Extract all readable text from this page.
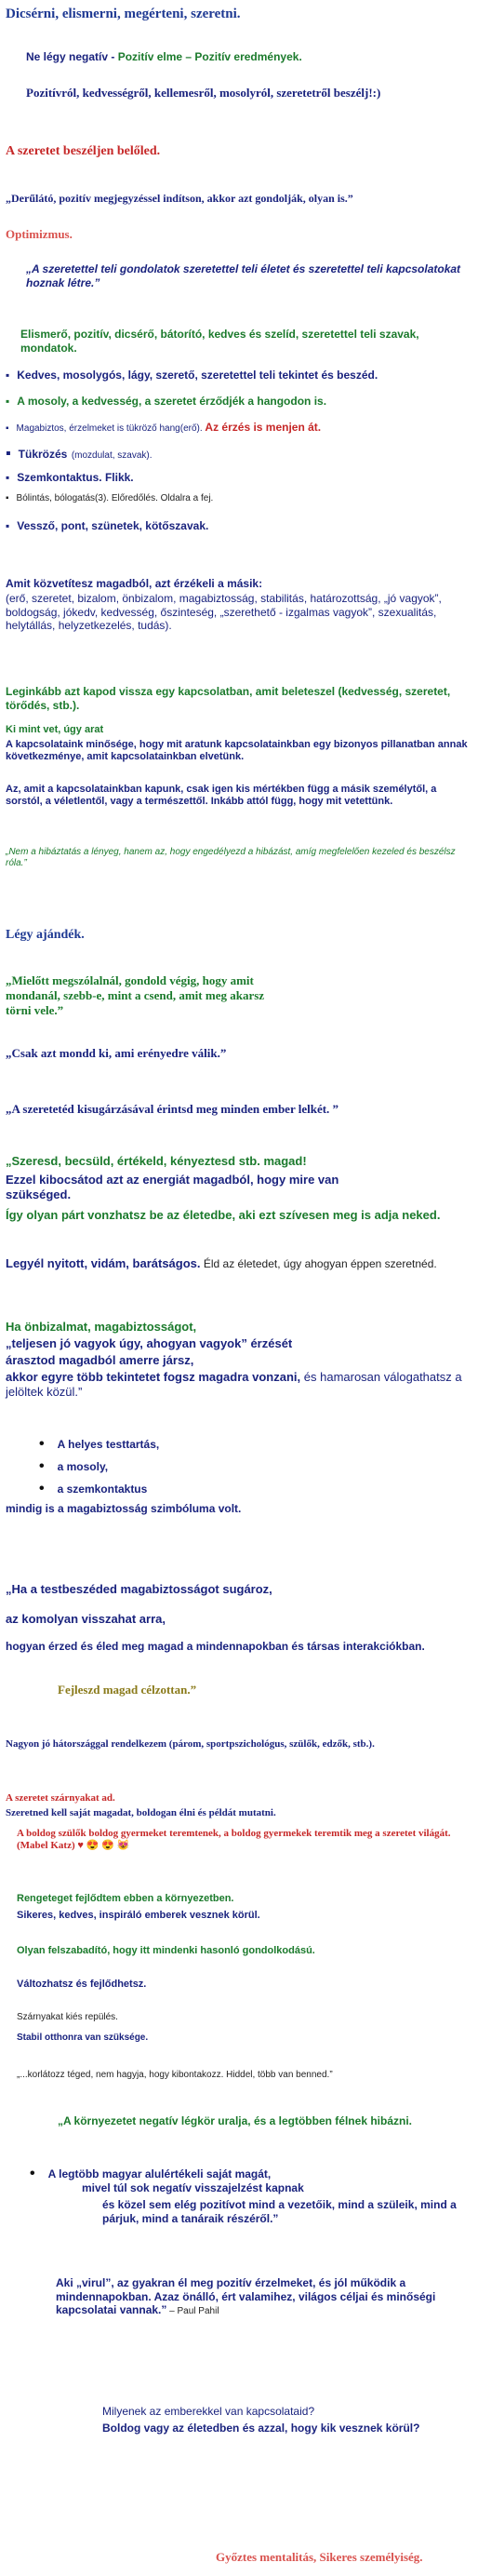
Dicsérni, elismerni, megérteni, szeretni.

Ne légy negatív - Pozitív elme – Pozitív eredmények.

Pozitívról, kedvességről, kellemesről, mosolyról, szeretetről beszélj!:)

A szeretet beszéljen belőled.

„Derűlátó, pozitív megjegyzéssel indítson, akkor azt gondolják, olyan is.”

Optimizmus.

„A szeretettel teli gondolatok szeretettel teli életet és szeretettel teli kapcsolatokat hoznak létre.”

Elismerő, pozitív, dicsérő, bátorító, kedves és szelíd, szeretettel teli szavak, mondatok.

▪ Kedves, mosolygós, lágy, szerető, szeretettel teli tekintet és beszéd.
▪ A mosoly, a kedvesség, a szeretet érződjék a hangodon is.
▪ Magabiztos, érzelmeket is tükröző hang(erő). Az érzés is menjen át.
▪ Tükrözés (mozdulat, szavak).
▪ Szemkontaktus. Flikk.
▪ Bólintás, bólogatás(3). Előredőlés. Oldalra a fej.
▪ Vessző, pont, szünetek, kötőszavak.

Amit közvetítesz magadból, azt érzékeli a másik:

(erő, szeretet, bizalom, önbizalom, magabiztosság, stabilitás, határozottság, „jó vagyok”, boldogság, jókedv, kedvesség, őszinteség, „szerethető - izgalmas vagyok”, szexualitás, helytállás, helyzetkezelés, tudás).

Leginkább azt kapod vissza egy kapcsolatban, amit beleteszel (kedvesség, szeretet, törődés, stb.).

Ki mint vet, úgy arat

A kapcsolataink minősége, hogy mit aratunk kapcsolatainkban egy bizonyos pillanatban annak következménye, amit kapcsolatainkban elvetünk.

Az, amit a kapcsolatainkban kapunk, csak igen kis mértékben függ a másik személytől, a sorstól, a véletlentől, vagy a természettől. Inkább attól függ, hogy mit vetettünk.

„Nem a hibáztatás a lényeg, hanem az, hogy engedélyezd a hibázást, amíg megfelelően kezeled és beszélsz róla.”

Légy ajándék.

„Mielőtt megszólalnál, gondold végig, hogy amit mondanál, szebb-e, mint a csend, amit meg akarsz törni vele.”

„Csak azt mondd ki, ami erényedre válik.”

„A szeretetéd kisugárzásával érintsd meg minden ember lelkét. ”

„Szeresd, becsüld, értékeld, kényeztesd stb. magad!

Ezzel kibocsátod azt az energiát magadból, hogy mire van szükséged.

Így olyan párt vonzhatsz be az életedbe, aki ezt szívesen meg is adja neked.

Legyél nyitott, vidám, barátságos. Éld az életedet, úgy ahogyan éppen szeretnéd.

Ha önbizalmat, magabiztosságot,

„teljesen jó vagyok úgy, ahogyan vagyok” érzését

árasztod magadból amerre jársz,

akkor egyre több tekintetet fogsz magadra vonzani, és hamarosan válogathatsz a jelöltek közül.”

• A helyes testtartás,
• a mosoly,
• a szemkontaktus

mindig is a magabiztosság szimbóluma volt.

„Ha a testbeszéded magabiztosságot sugároz,

az komolyan visszahat arra,

hogyan érzed és éled meg magad a mindennapokban és társas interakciókban.

Fejleszd magad célzottan.”

Nagyon jó hátországgal rendelkezem (párom, sportpszichológus, szülők, edzők, stb.).

A szeretet szárnyakat ad.

Szeretned kell saját magadat, boldogan élni és példát mutatni.

A boldog szülők boldog gyermeket teremtenek, a boldog gyermekek teremtik meg a szeretet világát. (Mabel Katz) ♥ 😍 😍 😻

Rengeteget fejlődtem ebben a környezetben.

Sikeres, kedves, inspiráló emberek vesznek körül.

Olyan felszabadító, hogy itt mindenki hasonló gondolkodású.

Változhatsz és fejlődhetsz.

Szárnyakat kiés repülés.

Stabil otthonra van szüksége.

„...korlátozz téged, nem hagyja, hogy kibontakozz. Hiddel, több van benned.”

„A környezetet negatív légkör uralja, és a legtöbben félnek hibázni.

• A legtöbb magyar alulértékeli saját magát,

mivel túl sok negatív visszajelzést kapnak

és közel sem elég pozitívot mind a vezetőik, mind a szüleik, mind a párjuk, mind a tanáraik részéről.”

Aki „virul”, az gyakran él meg pozitív érzelmeket, és jól működik a mindennapokban. Azaz önálló, ért valamihez, világos céljai és minőségi kapcsolatai vannak.” – Paul Pahil

Milyenek az emberekkel van kapcsolataid?

Boldog vagy az életedben és azzal, hogy kik vesznek körül?

Győztes mentalitás, Sikeres személyiség.
